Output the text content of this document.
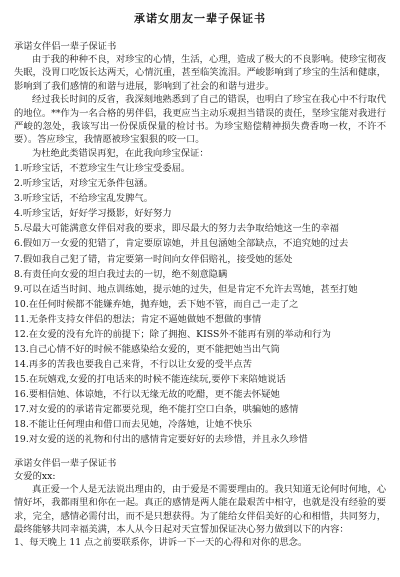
承诺女朋友一辈子保证书

承诺女伴侣一辈子保证书

由于我的种种不良，对珍宝的心情，生活，心理，造成了极大的不良影响。使珍宝彻夜失眠，没胃口吃饭长达两天，心情沉重，甚至临笑流泪。严峻影响到了珍宝的生活和健康，影响到了我们感情的和谐与进展，影响到了社会的和谐与进步。

经过我长时间的反省，我深刻地熟悉到了自己的错误，也明白了珍宝在我心中不行取代的地位。**作为一名合格的男伴侣，我更应当主动乐观担当错误的责任，坚珍宝能对我进行严峻的忽处，我该写出一份保质保量的检讨书。为珍宝赔偿精神损失费香吻一枚，不许不要）。答应珍宝，我情愿被珍宝狠狠的咬一口。

为杜绝此类错误再犯，在此我向珍宝保证：

1.听珍宝话，不惹珍宝生气让珍宝受委屈。
2.听珍宝话，对珍宝无条件包涵。
3.听珍宝话，不给珍宝乱发脾气。
4.听珍宝话，好好学习摄影，好好努力
5.尽最大可能满意女伴侣对我的要求，即尽最大的努力去争取给她这一生的幸福
6.假如万一女爱的犯错了，肯定要原谅她，并且包涵她全部缺点，不追究她的过去
7.假如我自己犯了错，肯定要第一时间向女伴侣赔礼，接受她的惩处
8.有责任向女爱的坦白我过去的一切，绝不刻意隐瞒
9.可以在适当时间、地点训练她，提示她的过失，但是肯定不允许去骂她，甚至打她
10.在任何时候都不能嫌弃她，抛弃她，丢下她不管，而自己一走了之
11.无条件支持女伴侣的想法；肯定不逼她做她不想做的事情
12.在女爱的没有允许的前提下；除了拥抱、KISS外不能再有别的举动和行为
13.自己心情不好的时候不能感染给女爱的，更不能把她当出气筒
14.再多的苦我也要我自己来背，不行以让女爱的受半点苦
15.在玩嬉戏,女爱的打电话来的时候不能连续玩,要停下来陪她说话
16.要相信她、体谅她，不行以无缘无故的吃醋，更不能去怀疑她
17.对女爱的的承诺肯定都要兑现，绝不能打空口白条，哄骗她的感情
18.不能让任何理由和借口而去见她，冷落她，让她不快乐
19.对女爱的送的礼物和付出的感情肯定要好好的去珍惜，并且永久珍惜

承诺女伴侣一辈子保证书

女爱的xx:

真正爱一个人是无法说出理由的，由于爱是不需要理由的。我只知道无论何时何地，心情好坏，我都雨里和你在一起。真正的感情是两人能在最艰苦中相守，也就是没有经验的要求，完全，感情必需付出，而不是只想获得。为了能给女伴侣美好的心和相惜，共同努力，最终能够共同幸福美满，本人从今日起对天宣誓加保证决心努力做到以下的内容：

1、每天晚上 11 点之前要联系你，讲诉一下一天的心得和对你的思念。
